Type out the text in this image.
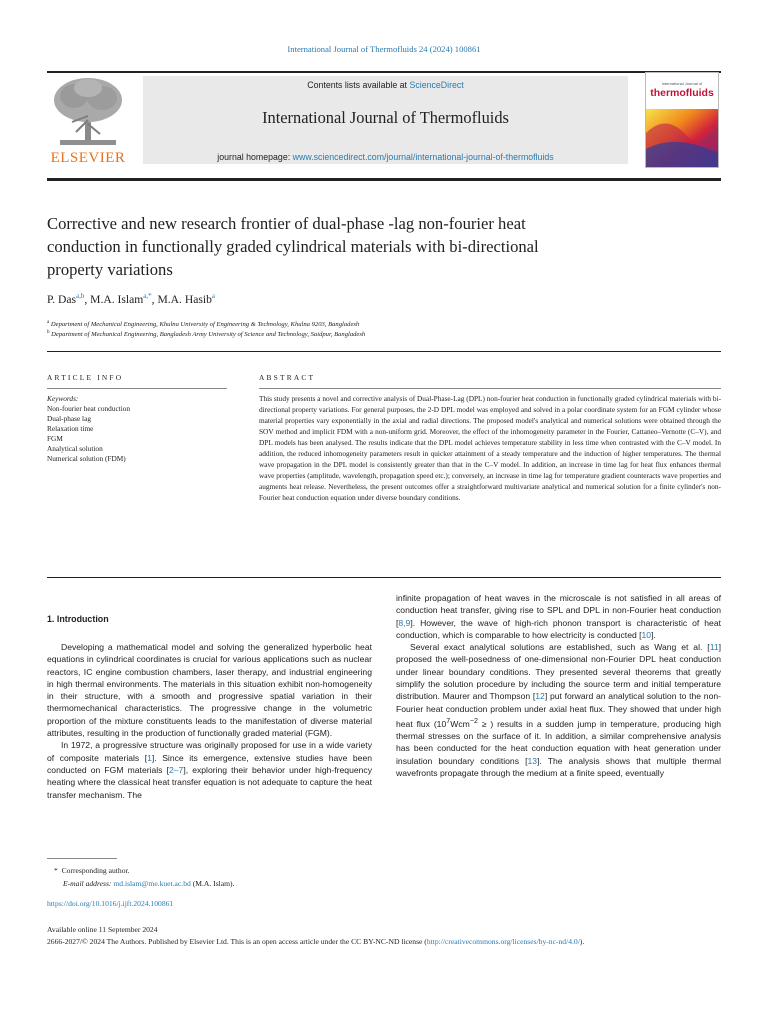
International Journal of Thermofluids 24 (2024) 100861
ELSEVIER
Contents lists available at ScienceDirect
International Journal of Thermofluids
journal homepage: www.sciencedirect.com/journal/international-journal-of-thermofluids
International Journal of
thermofluids
Corrective and new research frontier of dual-phase -lag non-fourier heat
conduction in functionally graded cylindrical materials with bi-directional
property variations
P. Das$^{a,b}$, M.A. Islam$^{a,*}$, M.A. Hasib$^a$
$^a$ Department of Mechanical Engineering, Khulna University of Engineering & Technology, Khulna 9203, Bangladesh
$^b$ Department of Mechanical Engineering, Bangladesh Army University of Science and Technology, Saidpur, Bangladesh
ARTICLE INFO
Keywords:
Non-fourier heat conduction
Dual-phase lag
Relaxation time
FGM
Analytical solution
Numerical solution (FDM)
ABSTRACT
This study presents a novel and corrective analysis of Dual-Phase-Lag (DPL) non-fourier heat conduction in functionally graded cylindrical materials with bi-directional property variations. For general purposes, the 2-D DPL model was employed and solved in a polar coordinate system for an FGM cylinder whose material properties vary exponentially in the axial and radial directions. The proposed model's analytical and numerical solutions were obtained through the SOV method and implicit FDM with a non-uniform grid. Moreover, the effect of the inhomogeneity parameter in the Fourier, Cattaneo–Vernotte (C–V), and DPL models has been analysed. The results indicate that the DPL model achieves temperature stability in less time when contrasted with the C–V model. In addition, the reduced inhomogeneity parameters result in quicker attainment of a steady temperature and the induction of higher temperatures. The thermal wave propagation in the DPL model is consistently greater than that in the C–V model. In addition, an increase in time lag for heat flux enhances thermal wave properties (amplitude, wavelength, propagation speed etc.); conversely, an increase in time lag for temperature gradient counteracts wave properties and augments heat release. Nevertheless, the present outcomes offer a straightforward multivariate analytical and numerical solution for a finite cylinder's non-Fourier heat conduction equation under diverse boundary conditions.
1. Introduction

Developing a mathematical model and solving the generalized hyperbolic heat equations in cylindrical coordinates is crucial for various applications such as nuclear reactors, IC engine combustion chambers, laser therapy, and industrial engineering in high thermal environments. The materials in this situation exhibit non-homogeneity in their structure, with a smooth and progressive spatial variation in their thermomechanical characteristics. The progressive change in the volumetric proportion of the mixture constituents leads to the manifestation of diverse material attributes, resulting in the production of functionally graded material (FGM).

In 1972, a progressive structure was originally proposed for use in a wide variety of composite materials [1]. Since its emergence, extensive studies have been conducted on FGM materials [2–7], exploring their behavior under high-frequency heating where the classical heat transfer equation is not adequate to capture the heat transfer mechanism. The

infinite propagation of heat waves in the microscale is not satisfied in all areas of conduction heat transfer, giving rise to SPL and DPL in non-Fourier heat conduction [8,9]. However, the wave of high-rich phonon transport is characteristic of heat conduction, which is comparable to how electricity is conducted [10].

Several exact analytical solutions are established, such as Wang et al. [11] proposed the well-posedness of one-dimensional non-Fourier DPL heat conduction under linear boundary conditions. They presented several theorems that greatly simplify the solution procedure by including the source term and initial temperature distribution. Maurer and Thompson [12] put forward an analytical solution to the non-Fourier heat conduction problem under axial heat flux. They showed that under high heat flux ($10^7Wcm^{-2}$ ≥ ) results in a sudden jump in temperature, producing high thermal stresses on the surface of it. In addition, a similar comprehensive analysis has been conducted for the heat conduction equation with heat generation under insulation boundary conditions [13]. The analysis shows that multiple thermal wavefronts propagate through the medium at a finite speed, eventually

* Corresponding author.
E-mail address: md.islam@me.kuet.ac.bd (M.A. Islam).
https://doi.org/10.1016/j.ijft.2024.100861
Available online 11 September 2024
2666-2027/© 2024 The Authors. Published by Elsevier Ltd. This is an open access article under the CC BY-NC-ND license (http://creativecommons.org/licenses/by-nc-nd/4.0/).
